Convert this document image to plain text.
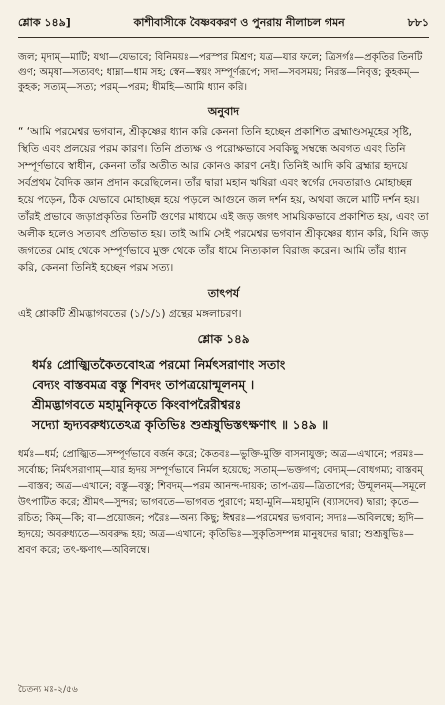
শ্লোক ১৪৯]	কাশীবাসীকে বৈষ্ণবকরণ ও পুনরায় নীলাচল গমন	৮৮১
জল; মৃদাম্—মাটি; যথা—যেভাবে; বিনিময়ঃ—পরস্পর মিশ্রণ; যত্র—যার ফলে; ত্রিসর্গঃ—প্রকৃতির তিনটি গুণ; অমৃষা—সত্যবৎ; ধাম্না—ধাম সহ; স্বেন—স্বয়ং সম্পূর্ণরূপে; সদা—সবসময়; নিরস্ত—নিবৃত্ত; কুহকম্—কুহক; সত্যম্—সত্য; পরম্—পরম; ধীমহি—আমি ধ্যান করি।
অনুবাদ
“ ‘আমি পরমেশ্বর ভগবান, শ্রীকৃষ্ণের ধ্যান করি কেননা তিনি হচ্ছেন প্রকাশিত ব্রহ্মাণ্ডসমূহের সৃষ্টি, স্থিতি এবং প্রলয়ের পরম কারণ। তিনি প্রত্যক্ষ ও পরোক্ষভাবে সবকিছু সম্বন্ধে অবগত এবং তিনি সম্পূর্ণভাবে স্বাধীন, কেননা তাঁর অতীত আর কোনও কারণ নেই। তিনিই আদি কবি ব্রহ্মার হৃদয়ে সর্বপ্রথম বৈদিক জ্ঞান প্রদান করেছিলেন। তাঁর দ্বারা মহান ঋষিরা এবং স্বর্গের দেবতারাও মোহাচ্ছন্ন হয়ে পড়েন, ঠিক যেভাবে মোহাচ্ছন্ন হয়ে পড়লে আগুনে জল দর্শন হয়, অথবা জলে মাটি দর্শন হয়। তাঁরই প্রভাবে জড়াপ্রকৃতির তিনটি গুণের মাধ্যমে এই জড় জগৎ সাময়িকভাবে প্রকাশিত হয়, এবং তা অলীক হলেও সত্যবৎ প্রতিভাত হয়। তাই আমি সেই পরমেশ্বর ভগবান শ্রীকৃষ্ণের ধ্যান করি, যিনি জড় জগতের মোহ থেকে সম্পূর্ণভাবে মুক্ত থেকে তাঁর ধামে নিত্যকাল বিরাজ করেন। আমি তাঁর ধ্যান করি, কেননা তিনিই হচ্ছেন পরম সত্য।
তাৎপর্য
এই শ্লোকটি শ্রীমদ্ভাগবতের (১/১/১) গ্রন্থের মঙ্গলাচরণ।
শ্লোক ১৪৯
ধর্মঃ প্রোজ্ঝিতকৈতবোঽত্র পরমো নির্মৎসরাণাং সতাং
বেদ্যং বাস্তবমত্র বস্তু শিবদং তাপত্রয়োন্মূলনম্ ।
শ্রীমদ্ভাগবতে মহামুনিকৃতে কিংবাপরৈরীশ্বরঃ
সদ্যো হৃদ্যবরুধ্যতেঽত্র কৃতিভিঃ শুশ্রূষুভিস্তৎক্ষণাৎ ॥ ১৪৯ ॥
ধর্মঃ—ধর্ম; প্রোজ্ঝিত—সম্পূর্ণভাবে বর্জন করে; কৈতবঃ—ভুক্তি-মুক্তি বাসনাযুক্ত; অত্র—এখানে; পরমঃ—সর্বোচ্চ; নির্মৎসরাণাম্—যার হৃদয় সম্পূর্ণভাবে নির্মল হয়েছে; সতাম্—ভক্তগণ; বেদ্যম্—বোধগম্য; বাস্তবম্—বাস্তব; অত্র—এখানে; বস্তু—বস্তু; শিবদম্—পরম আনন্দ-দায়ক; তাপ-ত্রয়—ত্রিতাপের; উন্মূলনম্—সমূলে উৎপাটিত করে; শ্রীমৎ—সুন্দর; ভাগবতে—ভাগবত পুরাণে; মহা-মুনি—মহামুনি (ব্যাসদেব) দ্বারা; কৃতে—রচিত; কিম্—কি; বা—প্রয়োজন; পরৈঃ—অন্য কিছু; ঈশ্বরঃ—পরমেশ্বর ভগবান; সদ্যঃ—অবিলম্বে; হৃদি—হৃদয়ে; অবরুধ্যতে—অবরুদ্ধ হয়; অত্র—এখানে; কৃতিভিঃ—সুকৃতিসম্পন্ন মানুষদের দ্বারা; শুশ্রূষুভিঃ—শ্রবণ করে; তৎ-ক্ষণাৎ—অবিলম্বে।
চৈতন্য মঃ-২/৫৬
